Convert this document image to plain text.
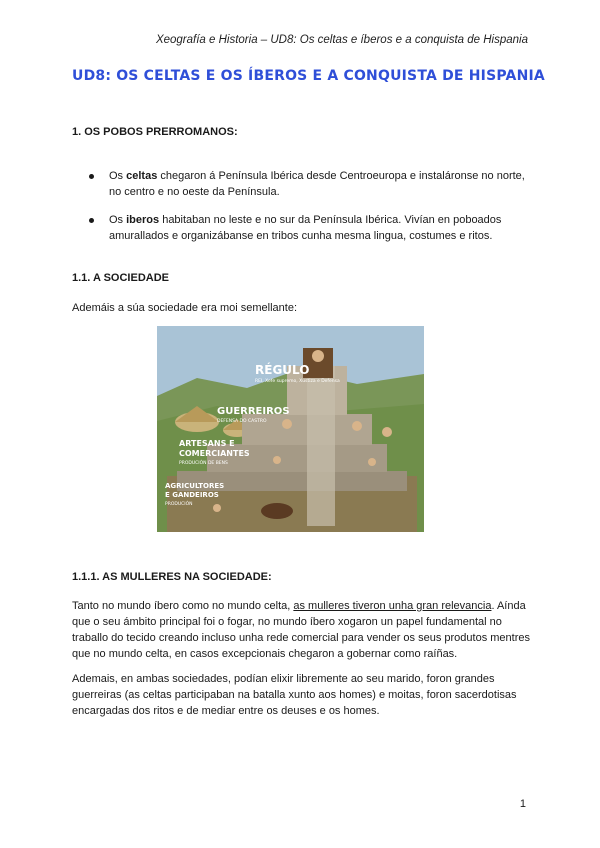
Xeografía e Historia – UD8: Os celtas e íberos e a conquista de Hispania
UD8: OS CELTAS E OS ÍBEROS E A CONQUISTA DE HISPANIA
1. OS POBOS PRERROMANOS:
Os celtas chegaron á Península Ibérica desde Centroeuropa e instaláronse no norte, no centro e no oeste da Península.
Os iberos habitaban no leste e no sur da Península Ibérica. Vivían en poboados amurallados e organizábanse en tribos cunha mesma lingua, costumes e ritos.
1.1. A SOCIEDADE
Ademáis a súa sociedade era moi semellante:
RÉGULO
REI, Xefe supremo, Xustiza e Defensa
GUERREIROS
DEFENSA DO CASTRO
ARTESANS E
COMERCIANTES
PRODUCIÓN DE BENS
AGRICULTORES
E GANDEIROS
PRODUCIÓN
1.1.1. AS MULLERES NA SOCIEDADE:
Tanto no mundo íbero como no mundo celta, as mulleres tiveron unha gran relevancia. Aínda que o seu ámbito principal foi o fogar, no mundo íbero xogaron un papel fundamental no traballo do tecido creando incluso unha rede comercial para vender os seus produtos mentres que no mundo celta, en casos excepcionais chegaron a gobernar como raíñas.
Ademais, en ambas sociedades, podían elixir libremente ao seu marido, foron grandes guerreiras (as celtas participaban na batalla xunto aos homes) e moitas, foron sacerdotisas encargadas dos ritos e de mediar entre os deuses e os homes.
1
